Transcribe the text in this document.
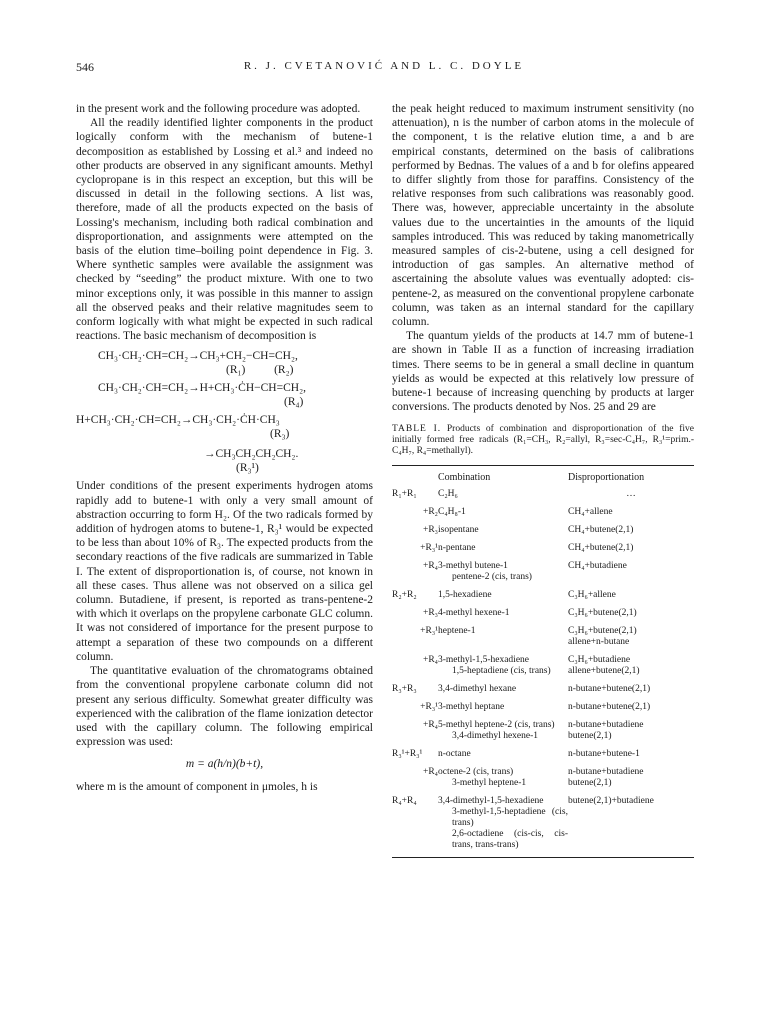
546	R. J. CVETANOVIĆ AND L. C. DOYLE

in the present work and the following procedure was adopted.

All the readily identified lighter components in the product logically conform with the mechanism of butene-1 decomposition as established by Lossing et al.³ and indeed no other products are observed in any significant amounts. Methyl cyclopropane is in this respect an exception, but this will be discussed in detail in the following sections. A list was, therefore, made of all the products expected on the basis of Lossing's mechanism, including both radical combination and disproportionation, and assignments were attempted on the basis of the elution time–boiling point dependence in Fig. 3. Where synthetic samples were available the assignment was checked by “seeding” the product mixture. With one to two minor exceptions only, it was possible in this manner to assign all the observed peaks and their relative magnitudes seem to conform logically with what might be expected in such radical reactions. The basic mechanism of decomposition is

CH₃·CH₂·CH=CH₂→CH₃+CH₂−CH=CH₂,
(R₁)          (R₂)
CH₃·CH₂·CH=CH₂→H+CH₃·ĊH−CH=CH₂,
(R₄)
H+CH₃·CH₂·CH=CH₂→CH₃·CH₂·ĊH·CH₃
(R₃)
→CH₃CH₂CH₂CH₂.
(R₃¹)

Under conditions of the present experiments hydrogen atoms rapidly add to butene-1 with only a very small amount of abstraction occurring to form H₂. Of the two radicals formed by addition of hydrogen atoms to butene-1, R₃¹ would be expected to be less than about 10% of R₃. The expected products from the secondary reactions of the five radicals are summarized in Table I. The extent of disproportionation is, of course, not known in all these cases. Thus allene was not observed on a silica gel column. Butadiene, if present, is reported as trans-pentene-2 with which it overlaps on the propylene carbonate GLC column. It was not considered of importance for the present purpose to attempt a separation of these two compounds on a different column.

The quantitative evaluation of the chromatograms obtained from the conventional propylene carbonate column did not present any serious difficulty. Somewhat greater difficulty was experienced with the calibration of the flame ionization detector used with the capillary column. The following empirical expression was used:

m = a(h/n)(b+t),

where m is the amount of component in μmoles, h is

the peak height reduced to maximum instrument sensitivity (no attenuation), n is the number of carbon atoms in the molecule of the component, t is the relative elution time, a and b are empirical constants, determined on the basis of calibrations performed by Bednas. The values of a and b for olefins appeared to differ slightly from those for paraffins. Consistency of the relative responses from such calibrations was reasonably good. There was, however, appreciable uncertainty in the absolute values due to the uncertainties in the amounts of the liquid samples introduced. This was reduced by taking manometrically measured samples of cis-2-butene, using a cell designed for introduction of gas samples. An alternative method of ascertaining the absolute values was eventually adopted: cis-pentene-2, as measured on the conventional propylene carbonate column, was taken as an internal standard for the capillary column.

The quantum yields of the products at 14.7 mm of butene-1 are shown in Table II as a function of increasing irradiation times. There seems to be in general a small decline in quantum yields as would be expected at this relatively low pressure of butene-1 because of increasing quenching by products at larger conversions. The products denoted by Nos. 25 and 29 are

TABLE I. Products of combination and disproportionation of the five initially formed free radicals (R₁=CH₃, R₂=allyl, R₃=sec-C₄H₇, R₃¹=prim.-C₄H₇, R₄=methallyl).
	Combination	Disproportionation
R₁+R₁	C₂H₆	…

+R₂	C₄H₈-1	CH₄+allene

+R₃	isopentane	CH₄+butene(2,1)

+R₃¹	n-pentane	CH₄+butene(2,1)

+R₄	3-methyl butene-1
pentene-2 (cis, trans)	CH₄+butadiene

R₂+R₂	1,5-hexadiene	C₃H₆+allene

+R₃	4-methyl hexene-1	C₃H₆+butene(2,1)

+R₃¹	heptene-1	C₃H₆+butene(2,1)
allene+n-butane

+R₄	3-methyl-1,5-hexadiene
1,5-heptadiene (cis, trans)	C₃H₆+butadiene
allene+butene(2,1)

R₃+R₃	3,4-dimethyl hexane	n-butane+butene(2,1)

+R₃¹	3-methyl heptane	n-butane+butene(2,1)

+R₄	5-methyl heptene-2 (cis, trans)
3,4-dimethyl hexene-1	n-butane+butadiene
butene(2,1)

R₃¹+R₃¹	n-octane	n-butane+butene-1

+R₄	octene-2 (cis, trans)
3-methyl heptene-1	n-butane+butadiene
butene(2,1)

R₄+R₄	3,4-dimethyl-1,5-hexadiene
3-methyl-1,5-heptadiene (cis, trans)
2,6-octadiene (cis-cis, cis-trans, trans-trans)	butene(2,1)+butadiene
